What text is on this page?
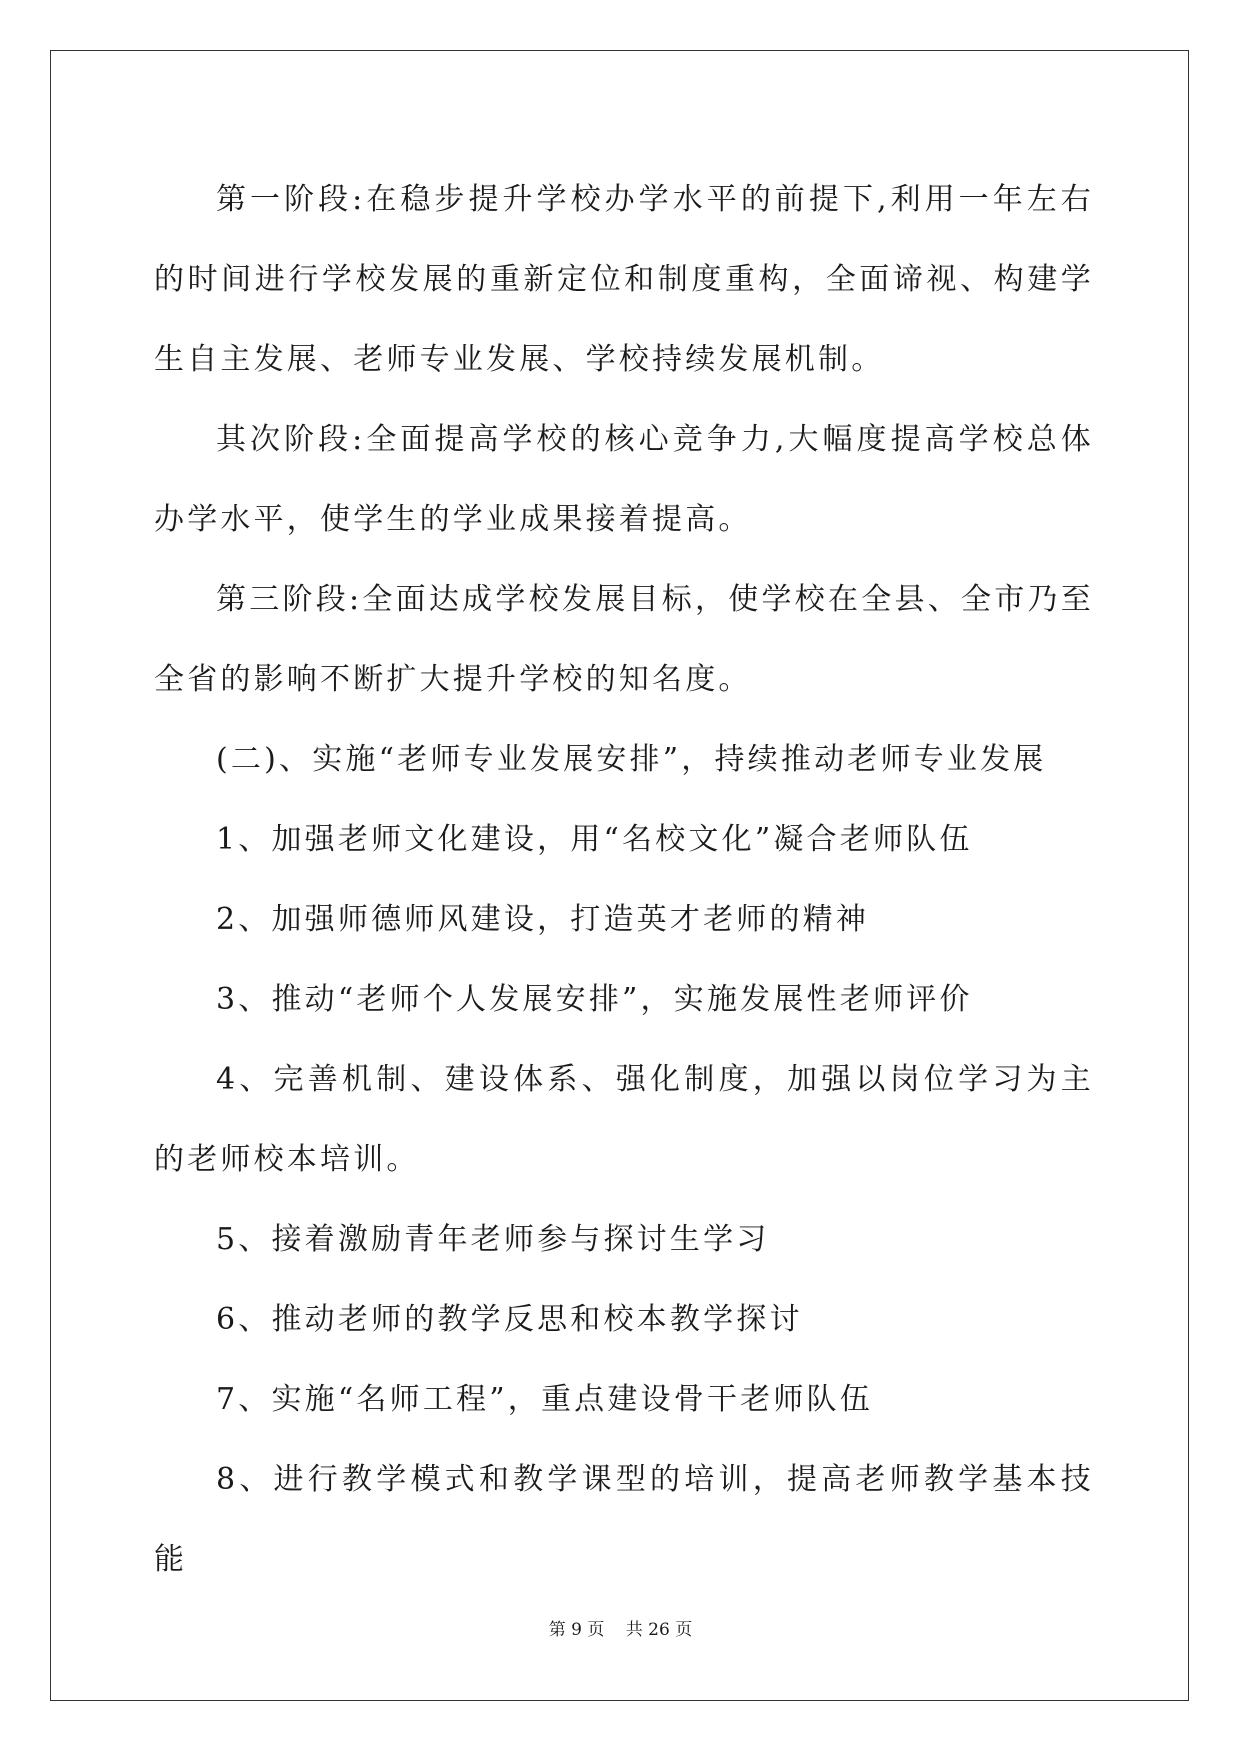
第一阶段:在稳步提升学校办学水平的前提下,利用一年左右的时间进行学校发展的重新定位和制度重构，全面谛视、构建学生自主发展、老师专业发展、学校持续发展机制。

其次阶段:全面提高学校的核心竞争力,大幅度提高学校总体办学水平，使学生的学业成果接着提高。

第三阶段:全面达成学校发展目标，使学校在全县、全市乃至全省的影响不断扩大提升学校的知名度。

(二)、实施“老师专业发展安排”，持续推动老师专业发展

1、加强老师文化建设，用“名校文化”凝合老师队伍

2、加强师德师风建设，打造英才老师的精神

3、推动“老师个人发展安排”，实施发展性老师评价

4、完善机制、建设体系、强化制度，加强以岗位学习为主的老师校本培训。

5、接着激励青年老师参与探讨生学习

6、推动老师的教学反思和校本教学探讨

7、实施“名师工程”，重点建设骨干老师队伍

8、进行教学模式和教学课型的培训，提高老师教学基本技能

第 9 页 共 26 页
